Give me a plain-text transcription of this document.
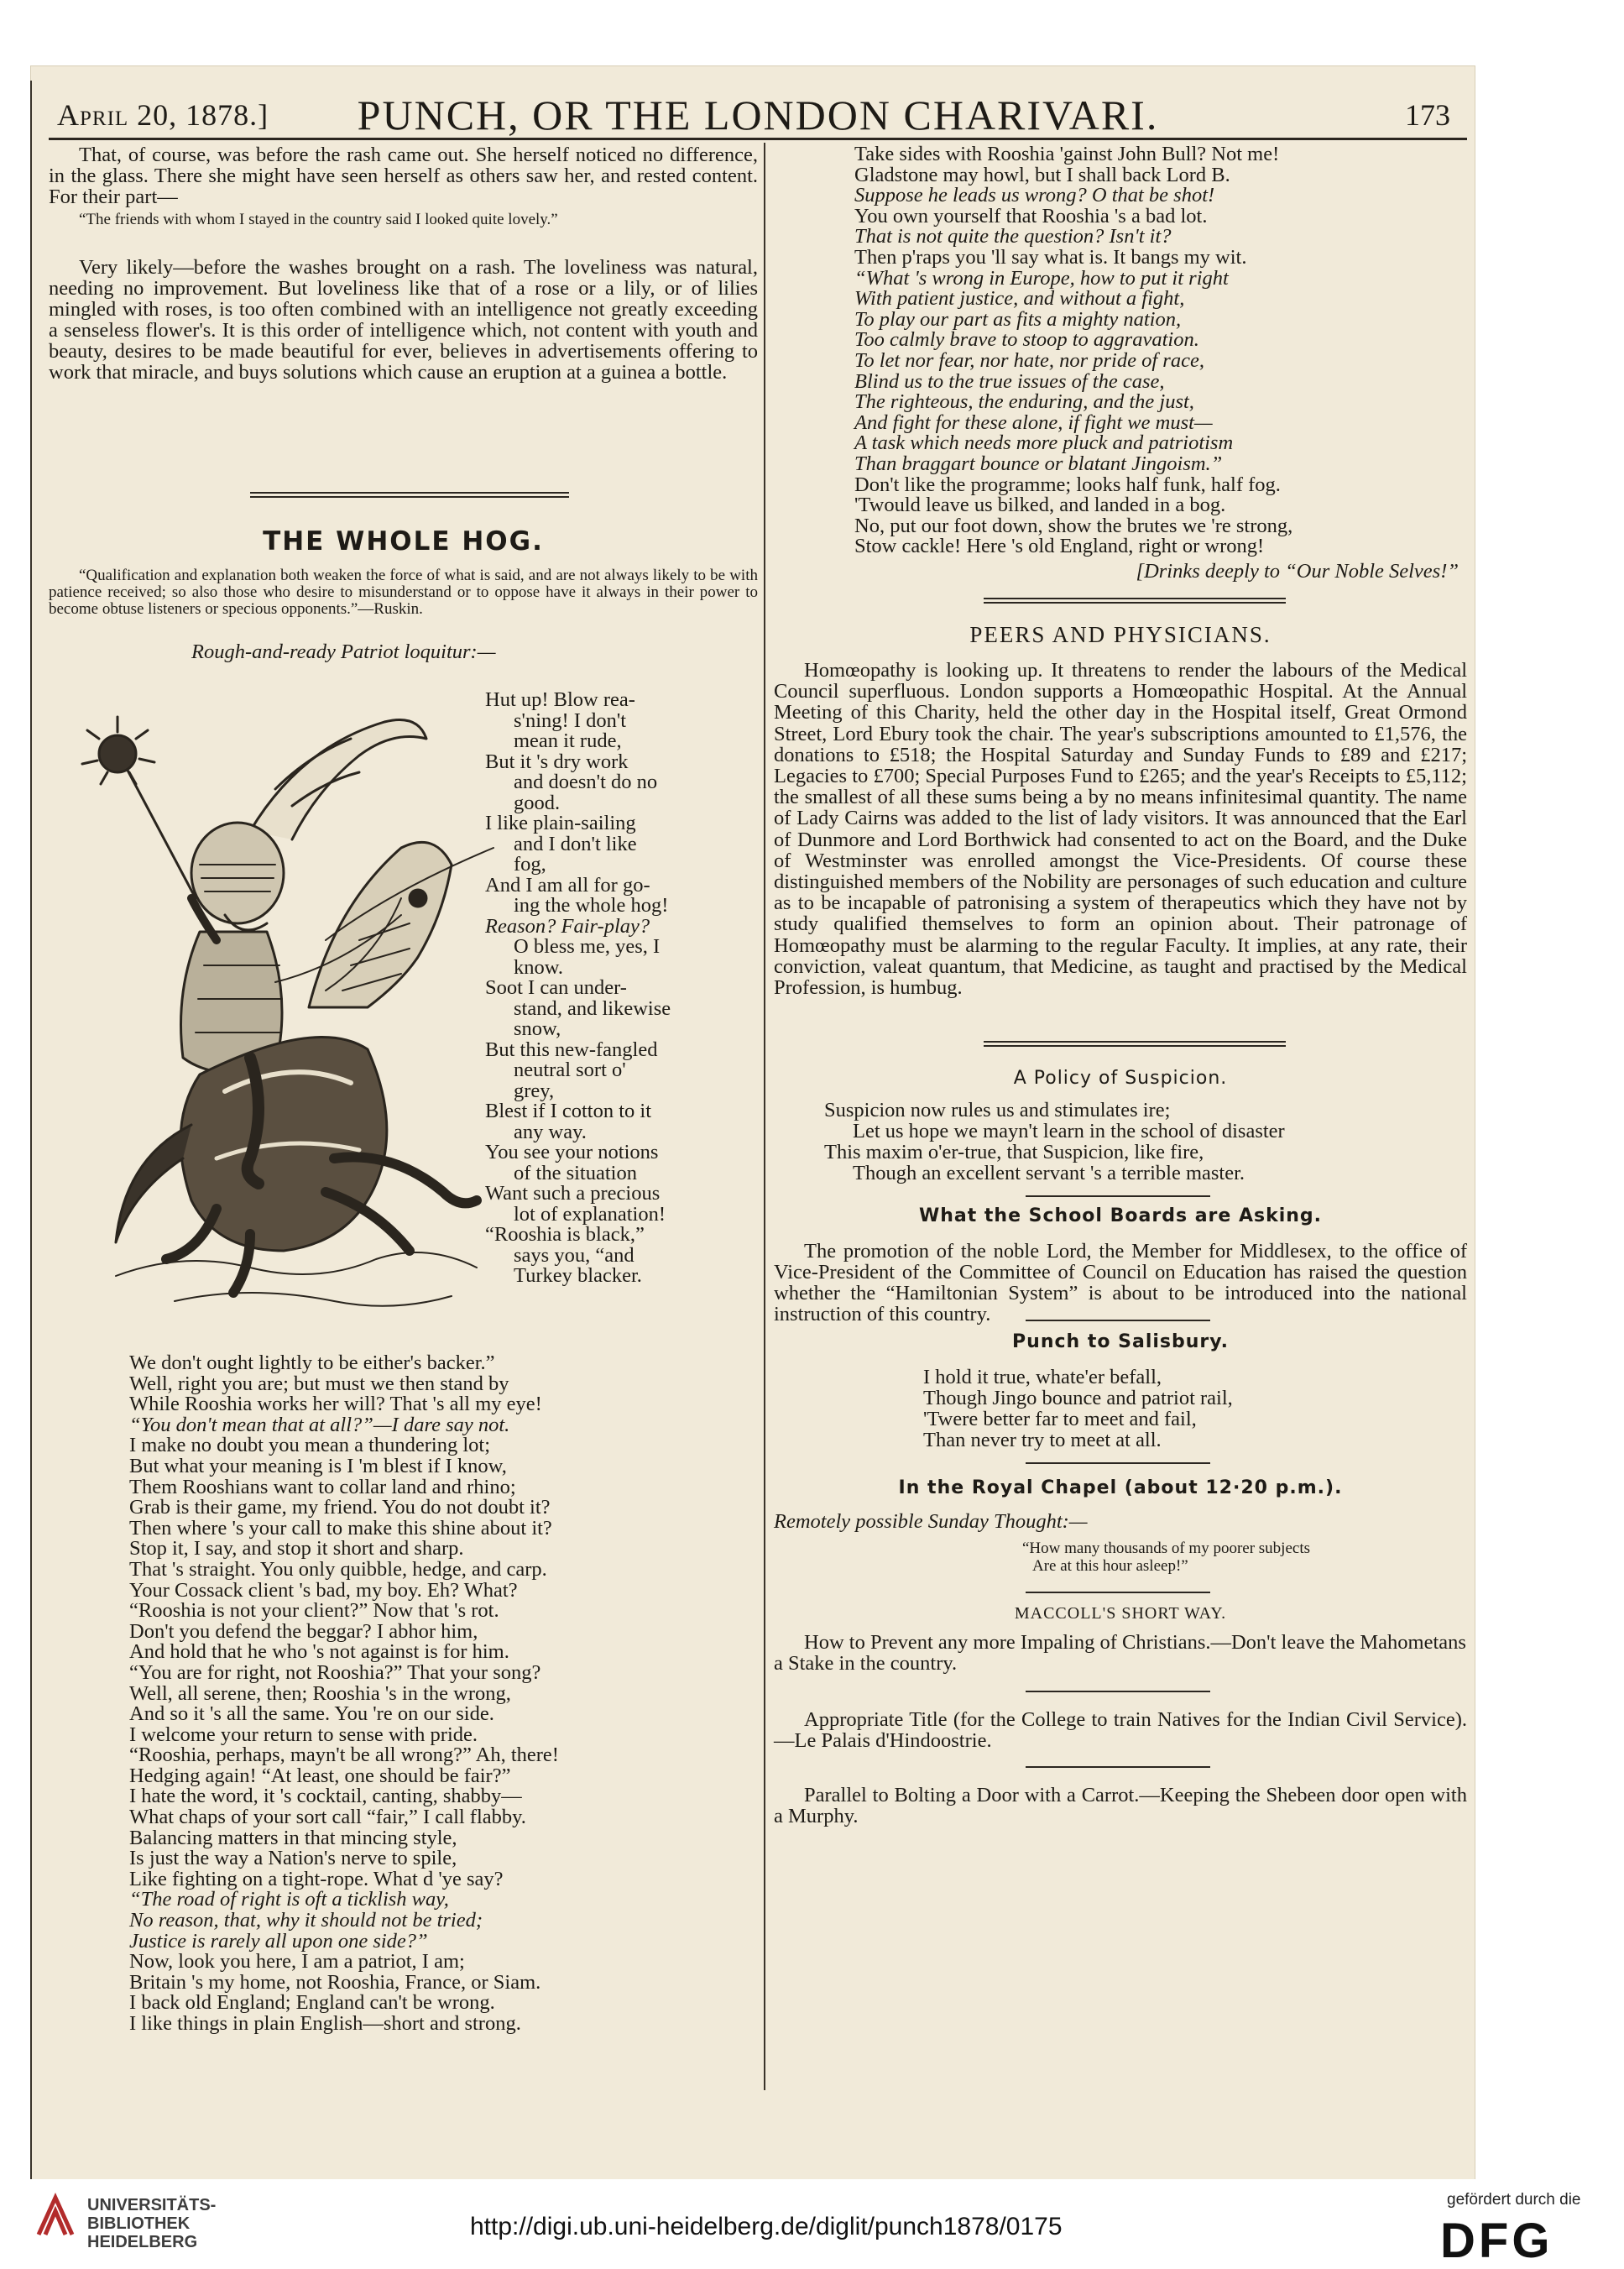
April 20, 1878.]	PUNCH, OR THE LONDON CHARIVARI.	173

That, of course, was before the rash came out. She herself noticed no difference, in the glass. There she might have seen herself as others saw her, and rested content. For their part—

“The friends with whom I stayed in the country said I looked quite lovely.”

Very likely—before the washes brought on a rash. The loveliness was natural, needing no improvement. But loveliness like that of a rose or a lily, or of lilies mingled with roses, is too often combined with an intelligence not greatly exceeding a senseless flower's. It is this order of intelligence which, not content with youth and beauty, desires to be made beautiful for ever, believes in advertisements offering to work that miracle, and buys solutions which cause an eruption at a guinea a bottle.

THE WHOLE HOG.

“Qualification and explanation both weaken the force of what is said, and are not always likely to be with patience received; so also those who desire to misunderstand or to oppose have it always in their power to become obtuse listeners or specious opponents.”—Ruskin.

Rough-and-ready Patriot loquitur:—
Hut up! Blow rea-
s'ning! I don't
mean it rude,
But it 's dry work
and doesn't do no
good.
I like plain-sailing
and I don't like
fog,
And I am all for go-
ing the whole hog!
Reason? Fair-play?
O bless me, yes, I
know.
Soot I can under-
stand, and likewise
snow,
But this new-fangled
neutral sort o'
grey,
Blest if I cotton to it
any way.
You see your notions
of the situation
Want such a precious
lot of explanation!
“Rooshia is black,”
says you, “and
Turkey blacker.
We don't ought lightly to be either's backer.”
Well, right you are; but must we then stand by
While Rooshia works her will? That 's all my eye!
“You don't mean that at all?”—I dare say not.
I make no doubt you mean a thundering lot;
But what your meaning is I 'm blest if I know,
Them Rooshians want to collar land and rhino;
Grab is their game, my friend. You do not doubt it?
Then where 's your call to make this shine about it?
Stop it, I say, and stop it short and sharp.
That 's straight. You only quibble, hedge, and carp.
Your Cossack client 's bad, my boy. Eh? What?
“Rooshia is not your client?” Now that 's rot.
Don't you defend the beggar? I abhor him,
And hold that he who 's not against is for him.
“You are for right, not Rooshia?” That your song?
Well, all serene, then; Rooshia 's in the wrong,
And so it 's all the same. You 're on our side.
I welcome your return to sense with pride.
“Rooshia, perhaps, mayn't be all wrong?” Ah, there!
Hedging again! “At least, one should be fair?”
I hate the word, it 's cocktail, canting, shabby—
What chaps of your sort call “fair,” I call flabby.
Balancing matters in that mincing style,
Is just the way a Nation's nerve to spile,
Like fighting on a tight-rope. What d 'ye say?
“The road of right is oft a ticklish way,
No reason, that, why it should not be tried;
Justice is rarely all upon one side?”
Now, look you here, I am a patriot, I am;
Britain 's my home, not Rooshia, France, or Siam.
I back old England; England can't be wrong.
I like things in plain English—short and strong.
Take sides with Rooshia 'gainst John Bull? Not me!
Gladstone may howl, but I shall back Lord B.
Suppose he leads us wrong? O that be shot!
You own yourself that Rooshia 's a bad lot.
That is not quite the question? Isn't it?
Then p'raps you 'll say what is. It bangs my wit.
“What 's wrong in Europe, how to put it right
With patient justice, and without a fight,
To play our part as fits a mighty nation,
Too calmly brave to stoop to aggravation.
To let nor fear, nor hate, nor pride of race,
Blind us to the true issues of the case,
The righteous, the enduring, and the just,
And fight for these alone, if fight we must—
A task which needs more pluck and patriotism
Than braggart bounce or blatant Jingoism.”
Don't like the programme; looks half funk, half fog.
'Twould leave us bilked, and landed in a bog.
No, put our foot down, show the brutes we 're strong,
Stow cackle! Here 's old England, right or wrong!
[Drinks deeply to “Our Noble Selves!”
PEERS AND PHYSICIANS.

Homœopathy is looking up. It threatens to render the labours of the Medical Council superfluous. London supports a Homœopathic Hospital. At the Annual Meeting of this Charity, held the other day in the Hospital itself, Great Ormond Street, Lord Ebury took the chair. The year's subscriptions amounted to £1,576, the donations to £518; the Hospital Saturday and Sunday Funds to £89 and £217; Legacies to £700; Special Purposes Fund to £265; and the year's Receipts to £5,112; the smallest of all these sums being a by no means infinitesimal quantity. The name of Lady Cairns was added to the list of lady visitors. It was announced that the Earl of Dunmore and Lord Borthwick had consented to act on the Board, and the Duke of Westminster was enrolled amongst the Vice-Presidents. Of course these distinguished members of the Nobility are personages of such education and culture as to be incapable of patronising a system of therapeutics which they have not by study qualified themselves to form an opinion about. Their patronage of Homœopathy must be alarming to the regular Faculty. It implies, at any rate, their conviction, valeat quantum, that Medicine, as taught and practised by the Medical Profession, is humbug.

A Policy of Suspicion.
Suspicion now rules us and stimulates ire;
Let us hope we mayn't learn in the school of disaster
This maxim o'er-true, that Suspicion, like fire,
Though an excellent servant 's a terrible master.
What the School Boards are Asking.

The promotion of the noble Lord, the Member for Middlesex, to the office of Vice-President of the Committee of Council on Education has raised the question whether the “Hamiltonian System” is about to be introduced into the national instruction of this country.

Punch to Salisbury.
I hold it true, whate'er befall,
Though Jingo bounce and patriot rail,
'Twere better far to meet and fail,
Than never try to meet at all.
In the Royal Chapel (about 12·20 p.m.).
Remotely possible Sunday Thought:—
“How many thousands of my poorer subjects
Are at this hour asleep!”
MACCOLL'S SHORT WAY.

How to Prevent any more Impaling of Christians.—Don't leave the Mahometans a Stake in the country.

Appropriate Title (for the College to train Natives for the Indian Civil Service).—Le Palais d'Hindoostrie.

Parallel to Bolting a Door with a Carrot.—Keeping the Shebeen door open with a Murphy.

UNIVERSITÄTS-
BIBLIOTHEK
HEIDELBERG
http://digi.ub.uni-heidelberg.de/diglit/punch1878/0175
gefördert durch die
DFG
